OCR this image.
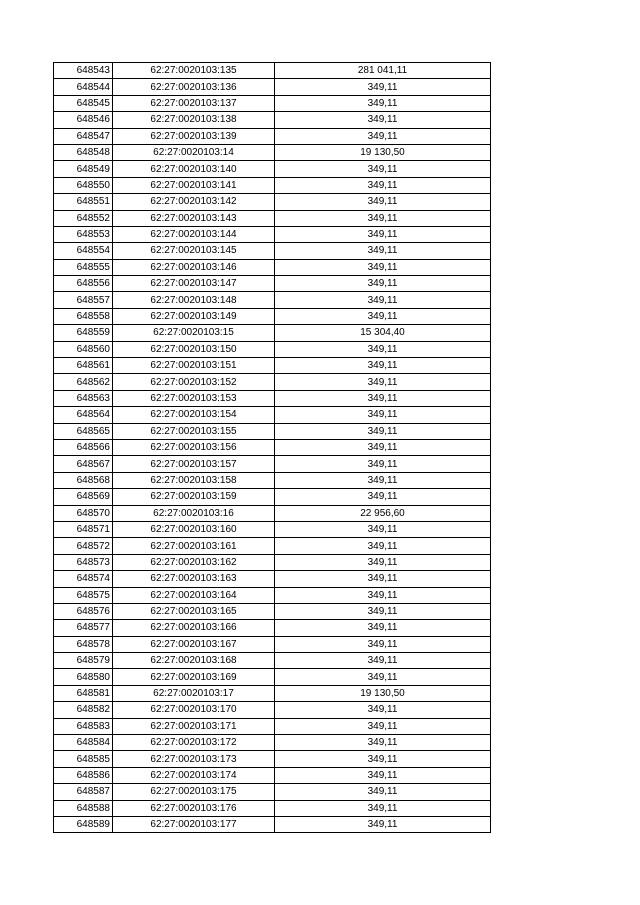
648543	62:27:0020103:135	281 041,11
648544	62:27:0020103:136	349,11
648545	62:27:0020103:137	349,11
648546	62:27:0020103:138	349,11
648547	62:27:0020103:139	349,11
648548	62:27:0020103:14	19 130,50
648549	62:27:0020103:140	349,11
648550	62:27:0020103:141	349,11
648551	62:27:0020103:142	349,11
648552	62:27:0020103:143	349,11
648553	62:27:0020103:144	349,11
648554	62:27:0020103:145	349,11
648555	62:27:0020103:146	349,11
648556	62:27:0020103:147	349,11
648557	62:27:0020103:148	349,11
648558	62:27:0020103:149	349,11
648559	62:27:0020103:15	15 304,40
648560	62:27:0020103:150	349,11
648561	62:27:0020103:151	349,11
648562	62:27:0020103:152	349,11
648563	62:27:0020103:153	349,11
648564	62:27:0020103:154	349,11
648565	62:27:0020103:155	349,11
648566	62:27:0020103:156	349,11
648567	62:27:0020103:157	349,11
648568	62:27:0020103:158	349,11
648569	62:27:0020103:159	349,11
648570	62:27:0020103:16	22 956,60
648571	62:27:0020103:160	349,11
648572	62:27:0020103:161	349,11
648573	62:27:0020103:162	349,11
648574	62:27:0020103:163	349,11
648575	62:27:0020103:164	349,11
648576	62:27:0020103:165	349,11
648577	62:27:0020103:166	349,11
648578	62:27:0020103:167	349,11
648579	62:27:0020103:168	349,11
648580	62:27:0020103:169	349,11
648581	62:27:0020103:17	19 130,50
648582	62:27:0020103:170	349,11
648583	62:27:0020103:171	349,11
648584	62:27:0020103:172	349,11
648585	62:27:0020103:173	349,11
648586	62:27:0020103:174	349,11
648587	62:27:0020103:175	349,11
648588	62:27:0020103:176	349,11
648589	62:27:0020103:177	349,11
